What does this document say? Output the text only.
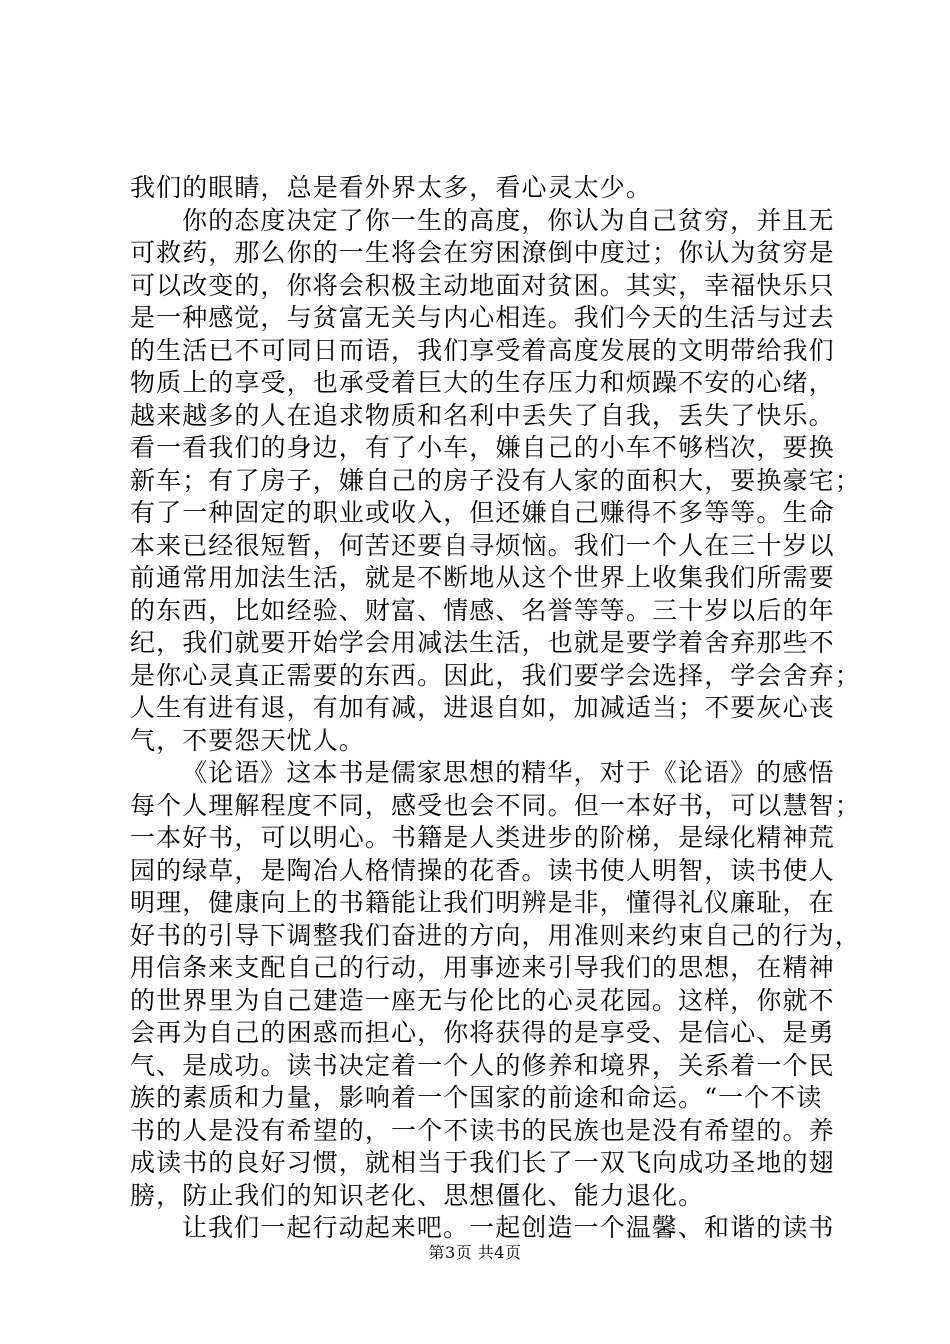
我们的眼睛，总是看外界太多，看心灵太少。
你的态度决定了你一生的高度，你认为自己贫穷，并且无
可救药，那么你的一生将会在穷困潦倒中度过；你认为贫穷是
可以改变的，你将会积极主动地面对贫困。其实，幸福快乐只
是一种感觉，与贫富无关与内心相连。我们今天的生活与过去
的生活已不可同日而语，我们享受着高度发展的文明带给我们
物质上的享受，也承受着巨大的生存压力和烦躁不安的心绪，
越来越多的人在追求物质和名利中丢失了自我，丢失了快乐。
看一看我们的身边，有了小车，嫌自己的小车不够档次，要换
新车；有了房子，嫌自己的房子没有人家的面积大，要换豪宅；
有了一种固定的职业或收入，但还嫌自己赚得不多等等。生命
本来已经很短暂，何苦还要自寻烦恼。我们一个人在三十岁以
前通常用加法生活，就是不断地从这个世界上收集我们所需要
的东西，比如经验、财富、情感、名誉等等。三十岁以后的年
纪，我们就要开始学会用减法生活，也就是要学着舍弃那些不
是你心灵真正需要的东西。因此，我们要学会选择，学会舍弃；
人生有进有退，有加有减，进退自如，加减适当；不要灰心丧
气，不要怨天忧人。
《论语》这本书是儒家思想的精华，对于《论语》的感悟
每个人理解程度不同，感受也会不同。但一本好书，可以慧智；
一本好书，可以明心。书籍是人类进步的阶梯，是绿化精神荒
园的绿草，是陶冶人格情操的花香。读书使人明智，读书使人
明理，健康向上的书籍能让我们明辨是非，懂得礼仪廉耻，在
好书的引导下调整我们奋进的方向，用准则来约束自己的行为，
用信条来支配自己的行动，用事迹来引导我们的思想，在精神
的世界里为自己建造一座无与伦比的心灵花园。这样，你就不
会再为自己的困惑而担心，你将获得的是享受、是信心、是勇
气、是成功。读书决定着一个人的修养和境界，关系着一个民
族的素质和力量，影响着一个国家的前途和命运。“一个不读
书的人是没有希望的，一个不读书的民族也是没有希望的。养
成读书的良好习惯，就相当于我们长了一双飞向成功圣地的翅
膀，防止我们的知识老化、思想僵化、能力退化。
让我们一起行动起来吧。一起创造一个温馨、和谐的读书
第3页 共4页
